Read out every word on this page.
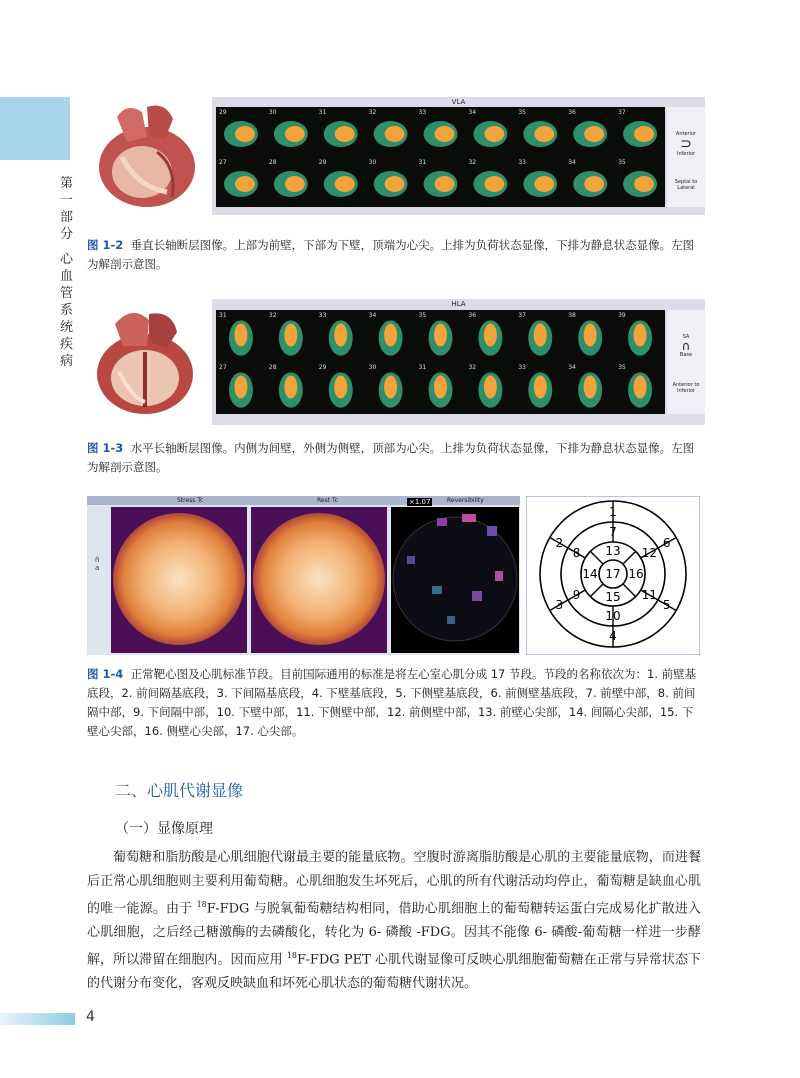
第一部分

心血管系统疾病
VLA
29	30	31	32	33	34	35	36	37
27	28	29	30	31	32	33	34	35
Anterior
⊃
Inferior
Septal to Lateral
图 1-2 垂直长轴断层图像。上部为前壁，下部为下壁，顶端为心尖。上排为负荷状态显像，下排为静息状态显像。左图为解剖示意图。
HLA
31	32	33	34	35	36	37	38	39
27	28	29	30	31	32	33	34	35
SA
∩
Base
Anterior to Inferior
图 1-3 水平长轴断层图像。内侧为间壁，外侧为侧壁，顶部为心尖。上排为负荷状态显像，下排为静息状态显像。左图为解剖示意图。
Stress Tc	Rest Tc	Reversibility
ñ a
×1.07
1
2
3
4
5
6
7
8
9
10
11
12
13
14
15
16
17
图 1-4 正常靶心图及心肌标准节段。目前国际通用的标准是将左心室心肌分成 17 节段。节段的名称依次为：1. 前壁基底段，2. 前间隔基底段，3. 下间隔基底段，4. 下壁基底段，5. 下侧壁基底段，6. 前侧壁基底段，7. 前壁中部，8. 前间隔中部，9. 下间隔中部，10. 下壁中部，11. 下侧壁中部，12. 前侧壁中部，13. 前壁心尖部，14. 间隔心尖部，15. 下壁心尖部，16. 侧壁心尖部，17. 心尖部。
二、心肌代谢显像
（一）显像原理
葡萄糖和脂肪酸是心肌细胞代谢最主要的能量底物。空腹时游离脂肪酸是心肌的主要能量底物，而进餐后正常心肌细胞则主要利用葡萄糖。心肌细胞发生坏死后，心肌的所有代谢活动均停止，葡萄糖是缺血心肌的唯一能源。由于 $^{18}$F-FDG 与脱氧葡萄糖结构相同，借助心肌细胞上的葡萄糖转运蛋白完成易化扩散进入心肌细胞，之后经己糖激酶的去磷酸化，转化为 6- 磷酸 -FDG。因其不能像 6- 磷酸-葡萄糖一样进一步酵解，所以滞留在细胞内。因而应用 $^{18}$F-FDG PET 心肌代谢显像可反映心肌细胞葡萄糖在正常与异常状态下的代谢分布变化，客观反映缺血和坏死心肌状态的葡萄糖代谢状况。
4
